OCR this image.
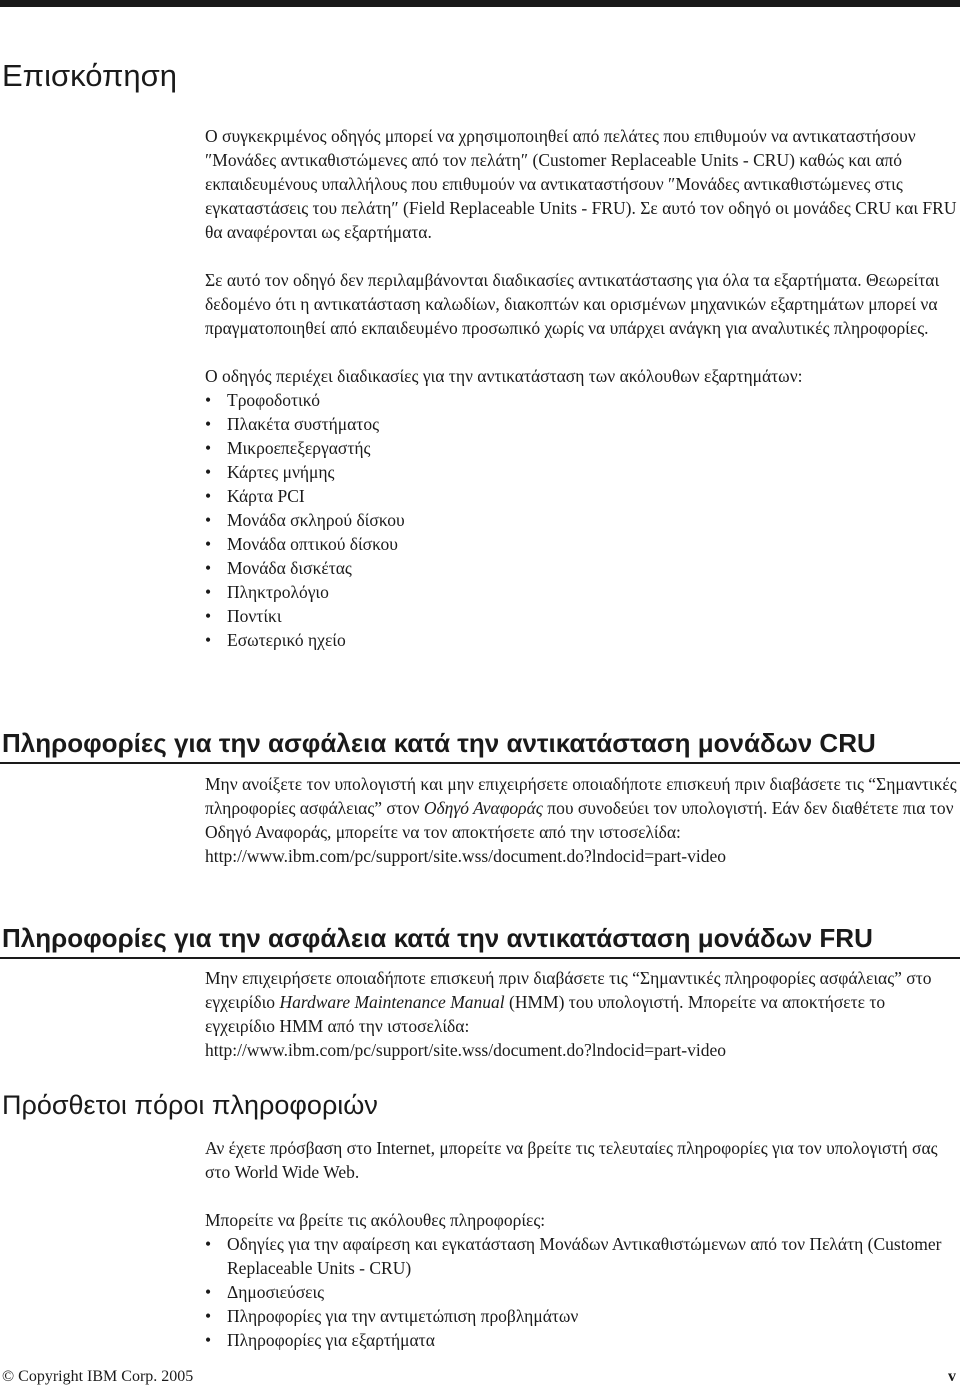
Επισκόπηση

Ο συγκεκριμένος οδηγός μπορεί να χρησιμοποιηθεί από πελάτες που επιθυμούν να αντικαταστήσουν ″Μονάδες αντικαθιστώμενες από τον πελάτη″ (Customer Replaceable Units - CRU) καθώς και από εκπαιδευμένους υπαλλήλους που επιθυμούν να αντικαταστήσουν ″Μονάδες αντικαθιστώμενες στις εγκαταστάσεις του πελάτη″ (Field Replaceable Units - FRU). Σε αυτό τον οδηγό οι μονάδες CRU και FRU θα αναφέρονται ως εξαρτήματα.

Σε αυτό τον οδηγό δεν περιλαμβάνονται διαδικασίες αντικατάστασης για όλα τα εξαρτήματα. Θεωρείται δεδομένο ότι η αντικατάσταση καλωδίων, διακοπτών και ορισμένων μηχανικών εξαρτημάτων μπορεί να πραγματοποιηθεί από εκπαιδευμένο προσωπικό χωρίς να υπάρχει ανάγκη για αναλυτικές πληροφορίες.

Ο οδηγός περιέχει διαδικασίες για την αντικατάσταση των ακόλουθων εξαρτημάτων:

• Τροφοδοτικό
• Πλακέτα συστήματος
• Μικροεπεξεργαστής
• Κάρτες μνήμης
• Κάρτα PCI
• Μονάδα σκληρού δίσκου
• Μονάδα οπτικού δίσκου
• Μονάδα δισκέτας
• Πληκτρολόγιο
• Ποντίκι
• Εσωτερικό ηχείο
Πληροφορίες για την ασφάλεια κατά την αντικατάσταση μονάδων CRU

Μην ανοίξετε τον υπολογιστή και μην επιχειρήσετε οποιαδήποτε επισκευή πριν διαβάσετε τις “Σημαντικές πληροφορίες ασφάλειας” στον Οδηγό Αναφοράς που συνοδεύει τον υπολογιστή. Εάν δεν διαθέτετε πια τον Οδηγό Αναφοράς, μπορείτε να τον αποκτήσετε από την ιστοσελίδα:

http://www.ibm.com/pc/support/site.wss/document.do?lndocid=part-video

Πληροφορίες για την ασφάλεια κατά την αντικατάσταση μονάδων FRU

Μην επιχειρήσετε οποιαδήποτε επισκευή πριν διαβάσετε τις “Σημαντικές πληροφορίες ασφάλειας” στο εγχειρίδιο Hardware Maintenance Manual (HMM) του υπολογιστή. Μπορείτε να αποκτήσετε το εγχειρίδιο HMM από την ιστοσελίδα:

http://www.ibm.com/pc/support/site.wss/document.do?lndocid=part-video

Πρόσθετοι πόροι πληροφοριών

Αν έχετε πρόσβαση στο Internet, μπορείτε να βρείτε τις τελευταίες πληροφορίες για τον υπολογιστή σας στο World Wide Web.

Μπορείτε να βρείτε τις ακόλουθες πληροφορίες:

• Οδηγίες για την αφαίρεση και εγκατάσταση Μονάδων Αντικαθιστώμενων από τον Πελάτη (Customer Replaceable Units - CRU)
• Δημοσιεύσεις
• Πληροφορίες για την αντιμετώπιση προβλημάτων
• Πληροφορίες για εξαρτήματα
© Copyright IBM Corp. 2005	v
